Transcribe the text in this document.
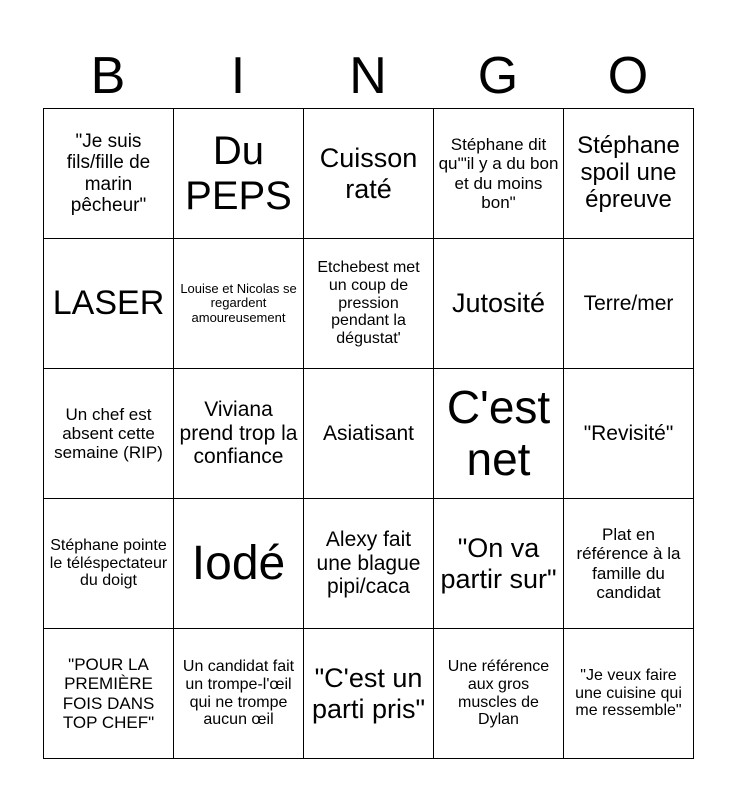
B	I	N	G	O
"Je suis fils/fille de marin pêcheur"	Du PEPS	Cuisson raté	Stéphane dit qu'"il y a du bon et du moins bon"	Stéphane spoil une épreuve
LASER	Louise et Nicolas se regardent amoureusement	Etchebest met un coup de pression pendant la dégustat'	Jutosité	Terre/mer
Un chef est absent cette semaine (RIP)	Viviana prend trop la confiance	Asiatisant	C'est net	"Revisité"
Stéphane pointe le téléspectateur du doigt	Iodé	Alexy fait une blague pipi/caca	"On va partir sur"	Plat en référence à la famille du candidat
"POUR LA PREMIÈRE FOIS DANS TOP CHEF"	Un candidat fait un trompe-l'œil qui ne trompe aucun œil	"C'est un parti pris"	Une référence aux gros muscles de Dylan	"Je veux faire une cuisine qui me ressemble"
